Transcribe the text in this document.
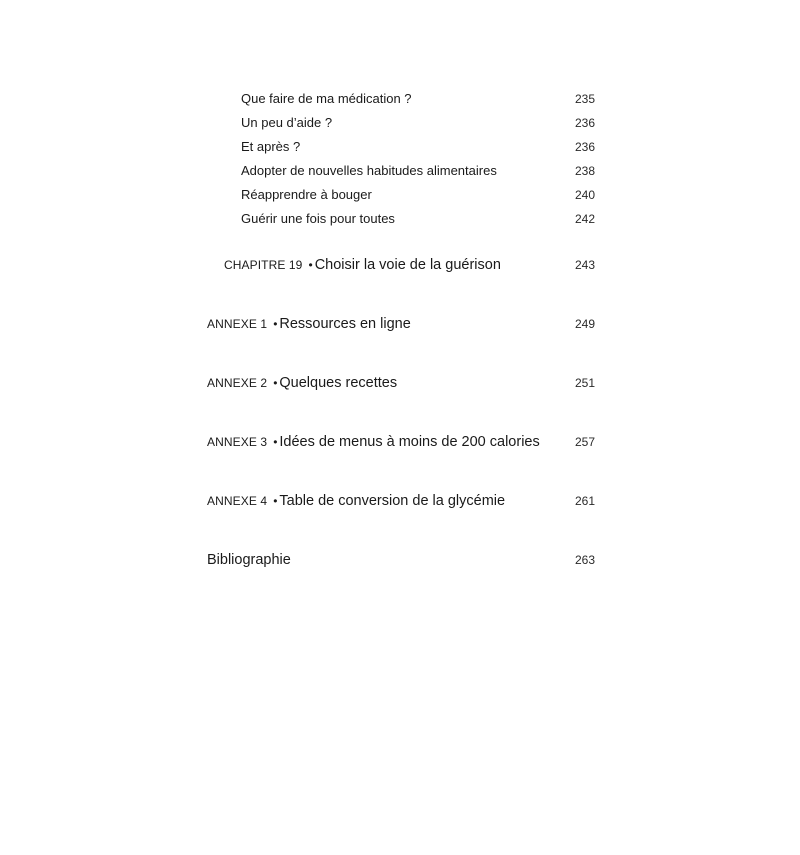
Que faire de ma médication ?	235
Un peu d’aide ?	236
Et après ?	236
Adopter de nouvelles habitudes alimentaires	238
Réapprendre à bouger	240
Guérir une fois pour toutes	242
CHAPITRE 19 • Choisir la voie de la guérison	243
ANNEXE 1 • Ressources en ligne	249
ANNEXE 2 • Quelques recettes	251
ANNEXE 3 • Idées de menus à moins de 200 calories	257
ANNEXE 4 • Table de conversion de la glycémie	261
Bibliographie	263
